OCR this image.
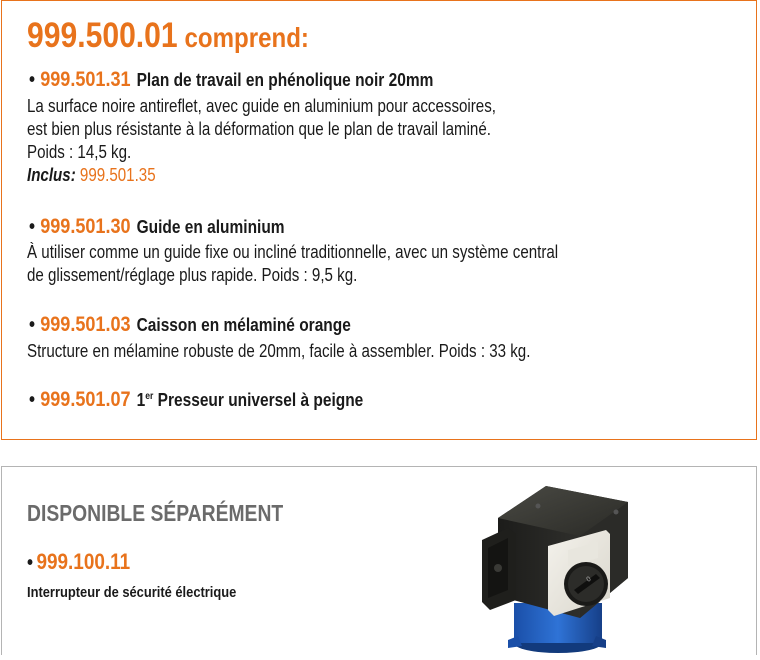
999.500.01 comprend:
• 999.501.31 Plan de travail en phénolique noir 20mm
La surface noire antireflet, avec guide en aluminium pour accessoires,
est bien plus résistante à la déformation que le plan de travail laminé.
Poids : 14,5 kg.
Inclus: 999.501.35
• 999.501.30 Guide en aluminium
À utiliser comme un guide fixe ou incliné traditionnelle, avec un système central
de glissement/réglage plus rapide. Poids : 9,5 kg.
• 999.501.03 Caisson en mélaminé orange
Structure en mélamine robuste de 20mm, facile à assembler. Poids : 33 kg.
• 999.501.07 1er Presseur universel à peigne
DISPONIBLE SÉPARÉMENT
• 999.100.11
Interrupteur de sécurité électrique
0
